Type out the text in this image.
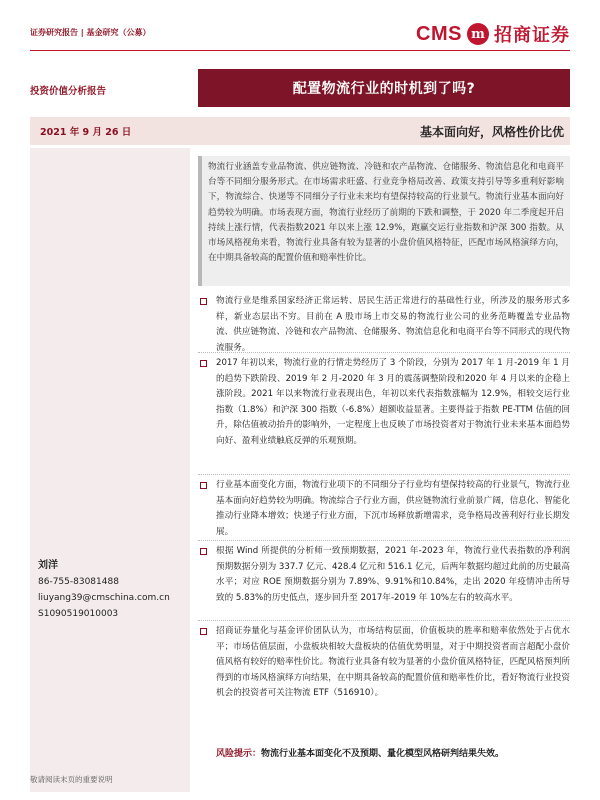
证券研究报告 | 基金研究（公募）	CMS m 招商证券
投资价值分析报告	配置物流行业的时机到了吗?
2021 年 9 月 26 日	基本面向好，风格性价比优
刘洋
86-755-83081488
liuyang39@cmschina.com.cn
S1090519010003
物流行业涵盖专业品物流、供应链物流、冷链和农产品物流、仓储服务、物流信息化和电商平台等不同细分服务形式。在市场需求旺盛、行业竞争格局改善、政策支持引导等多重利好影响下，物流综合、快递等不同细分子行业未来均有望保持较高的行业景气。物流行业基本面向好趋势较为明确。市场表现方面，物流行业经历了前期的下跌和调整，于 2020 年二季度起开启持续上涨行情，代表指数2021 年以来上涨 12.9%，跑赢交运行业指数和沪深 300 指数。从市场风格视角来看，物流行业具备有较为显著的小盘价值风格特征，匹配市场风格演绎方向，在中期具备较高的配置价值和赔率性价比。
物流行业是维系国家经济正常运转、居民生活正常进行的基础性行业，所涉及的服务形式多样，新业态层出不穷。目前在 A 股市场上市交易的物流行业公司的业务范畴覆盖专业品物流、供应链物流、冷链和农产品物流、仓储服务、物流信息化和电商平台等不同形式的现代物流服务。
2017 年初以来，物流行业的行情走势经历了 3 个阶段，分别为 2017 年 1 月-2019 年 1 月的趋势下跌阶段、2019 年 2 月-2020 年 3 月的震荡调整阶段和2020 年 4 月以来的企稳上涨阶段。2021 年以来物流行业表现出色，年初以来代表指数涨幅为 12.9%，相较交运行业指数（1.8%）和沪深 300 指数（-6.8%）超额收益显著。主要得益于指数 PE-TTM 估值的回升，除估值被动抬升的影响外，一定程度上也反映了市场投资者对于物流行业未来基本面趋势向好、盈利业绩触底反弹的乐观预期。
行业基本面变化方面，物流行业项下的不同细分子行业均有望保持较高的行业景气，物流行业基本面向好趋势较为明确。物流综合子行业方面，供应链物流行业前景广阔，信息化、智能化推动行业降本增效；快递子行业方面，下沉市场释放新增需求，竞争格局改善利好行业长期发展。
根据 Wind 所提供的分析师一致预期数据，2021 年-2023 年，物流行业代表指数的净利润预期数据分别为 337.7 亿元、428.4 亿元和 516.1 亿元，后两年数据均超过此前的历史最高水平；对应 ROE 预期数据分别为 7.89%、9.91%和10.84%，走出 2020 年疫情冲击所导致的 5.83%的历史低点，逐步回升至 2017年-2019 年 10%左右的较高水平。
招商证券量化与基金评价团队认为，市场结构层面，价值板块的胜率和赔率依然处于占优水平；市场估值层面，小盘板块相较大盘板块的估值优势明显，对于中期投资者而言超配小盘价值风格有较好的赔率性价比。物流行业具备有较为显著的小盘价值风格特征，匹配风格预判所得到的市场风格演绎方向结果，在中期具备较高的配置价值和赔率性价比，看好物流行业投资机会的投资者可关注物流 ETF（516910）。
风险提示：物流行业基本面变化不及预期、量化模型风格研判结果失效。
敬请阅读末页的重要说明
